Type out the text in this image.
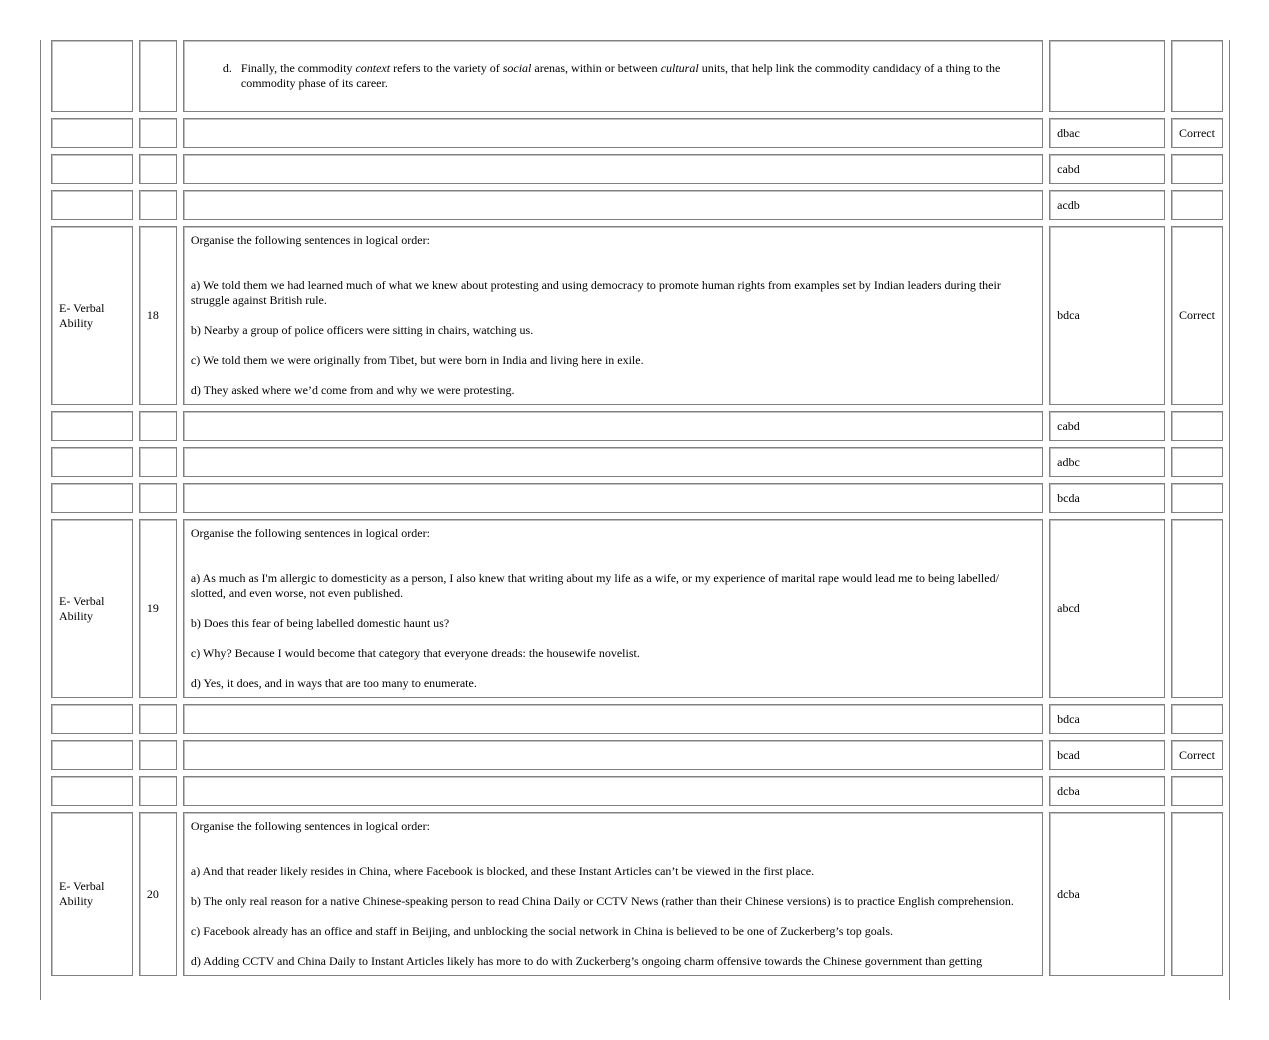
		d. Finally, the commodity context refers to the variety of social arenas, within or between cultural units, that help link the commodity candidacy of a thing to the commodity phase of its career.		

			dbac	Correct
			cabd	
			acdb	
E- Verbal Ability	18	Organise the following sentences in logical order:

a) We told them we had learned much of what we knew about protesting and using democracy to promote human rights from examples set by Indian leaders during their struggle against British rule.

b) Nearby a group of police officers were sitting in chairs, watching us.

c) We told them we were originally from Tibet, but were born in India and living here in exile.

d) They asked where we’d come from and why we were protesting.	bdca	Correct
			cabd	
			adbc	
			bcda	
E- Verbal Ability	19	Organise the following sentences in logical order:

a) As much as I'm allergic to domesticity as a person, I also knew that writing about my life as a wife, or my experience of marital rape would lead me to being labelled/ slotted, and even worse, not even published.

b) Does this fear of being labelled domestic haunt us?

c) Why? Because I would become that category that everyone dreads: the housewife novelist.

d) Yes, it does, and in ways that are too many to enumerate.	abcd	
			bdca	
			bcad	Correct
			dcba	
E- Verbal Ability	20	Organise the following sentences in logical order:

a) And that reader likely resides in China, where Facebook is blocked, and these Instant Articles can’t be viewed in the first place.

b) The only real reason for a native Chinese-speaking person to read China Daily or CCTV News (rather than their Chinese versions) is to practice English comprehension.

c) Facebook already has an office and staff in Beijing, and unblocking the social network in China is believed to be one of Zuckerberg’s top goals.

d) Adding CCTV and China Daily to Instant Articles likely has more to do with Zuckerberg’s ongoing charm offensive towards the Chinese government than getting	dcba	
